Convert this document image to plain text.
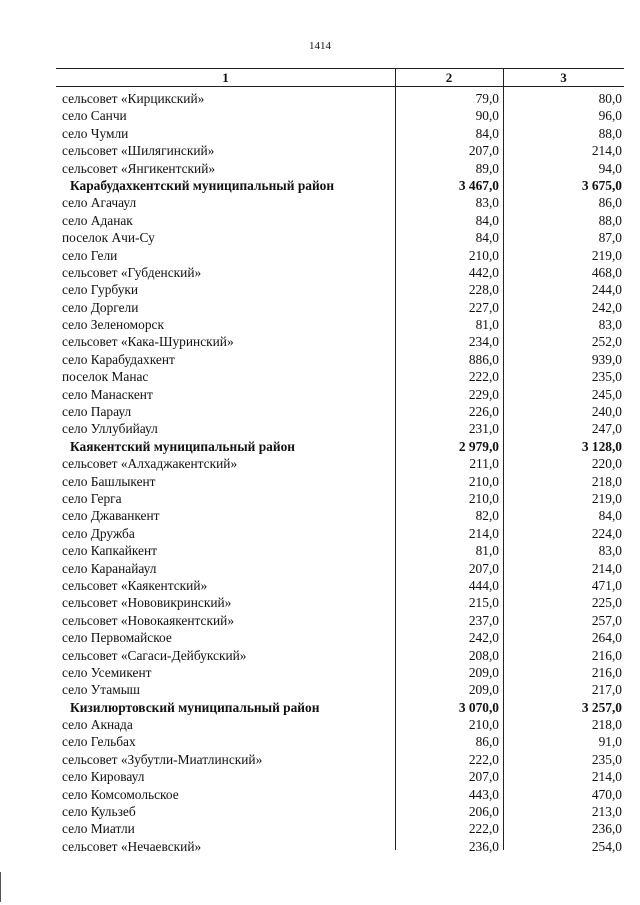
1414
1	2	3
сельсовет «Кирцикский»	79,0	80,0
село Санчи	90,0	96,0
село Чумли	84,0	88,0
сельсовет «Шилягинский»	207,0	214,0
сельсовет «Янгикентский»	89,0	94,0
Карабудахкентский муниципальный район	3 467,0	3 675,0
село Агачаул	83,0	86,0
село Аданак	84,0	88,0
поселок Ачи-Су	84,0	87,0
село Гели	210,0	219,0
сельсовет «Губденский»	442,0	468,0
село Гурбуки	228,0	244,0
село Доргели	227,0	242,0
село Зеленоморск	81,0	83,0
сельсовет «Кака-Шуринский»	234,0	252,0
село Карабудахкент	886,0	939,0
поселок Манас	222,0	235,0
село Манаскент	229,0	245,0
село Параул	226,0	240,0
село Уллубийаул	231,0	247,0
Каякентский муниципальный район	2 979,0	3 128,0
сельсовет «Алхаджакентский»	211,0	220,0
село Башлыкент	210,0	218,0
село Герга	210,0	219,0
село Джаванкент	82,0	84,0
село Дружба	214,0	224,0
село Капкайкент	81,0	83,0
село Каранайаул	207,0	214,0
сельсовет «Каякентский»	444,0	471,0
сельсовет «Нововикринский»	215,0	225,0
сельсовет «Новокаякентский»	237,0	257,0
село Первомайское	242,0	264,0
сельсовет «Сагаси-Дейбукский»	208,0	216,0
село Усемикент	209,0	216,0
село Утамыш	209,0	217,0
Кизилюртовский муниципальный район	3 070,0	3 257,0
село Акнада	210,0	218,0
село Гельбах	86,0	91,0
сельсовет «Зубутли-Миатлинский»	222,0	235,0
село Кироваул	207,0	214,0
село Комсомольское	443,0	470,0
село Кульзеб	206,0	213,0
село Миатли	222,0	236,0
сельсовет «Нечаевский»	236,0	254,0
